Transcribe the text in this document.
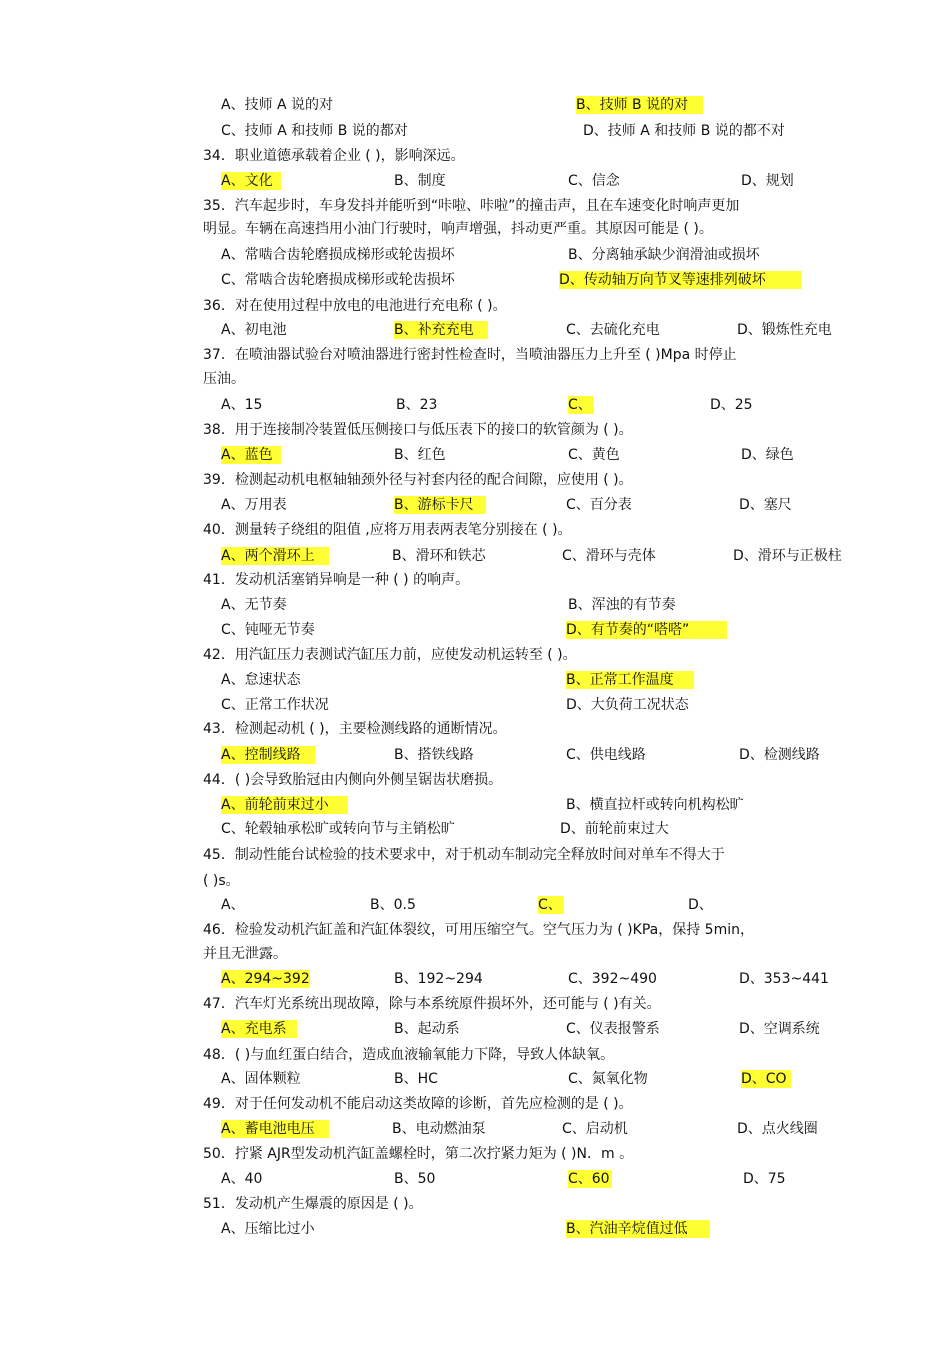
A、技师 A 说的对	B、技师 B 说的对
C、技师 A 和技师 B 说的都对	D、技师 A 和技师 B 说的都不对
34．职业道德承载着企业 ( )，影响深远。
A、文化	B、制度	C、信念	D、规划
35．汽车起步时，车身发抖并能听到“咔啦、咔啦”的撞击声，且在车速变化时响声更加
明显。车辆在高速挡用小油门行驶时，响声增强，抖动更严重。其原因可能是 ( )。
A、常啮合齿轮磨损成梯形或轮齿损坏	B、分离轴承缺少润滑油或损坏
C、常啮合齿轮磨损成梯形或轮齿损坏	D、传动轴万向节叉等速排列破坏
36．对在使用过程中放电的电池进行充电称 ( )。
A、初电池	B、补充充电	C、去硫化充电	D、锻炼性充电
37．在喷油器试验台对喷油器进行密封性检查时，当喷油器压力上升至 ( )Mpa 时停止
压油。
A、15	B、23	C、	D、25
38．用于连接制冷装置低压侧接口与低压表下的接口的软管颜为 ( )。
A、蓝色	B、红色	C、黄色	D、绿色
39．检测起动机电枢轴轴颈外径与衬套内径的配合间隙，应使用 ( )。
A、万用表	B、游标卡尺	C、百分表	D、塞尺
40．测量转子绕组的阻值 ,应将万用表两表笔分别接在 ( )。
A、两个滑环上	B、滑环和铁芯	C、滑环与壳体	D、滑环与正极柱
41．发动机活塞销异响是一种 ( ) 的响声。
A、无节奏	B、浑浊的有节奏
C、钝哑无节奏	D、有节奏的“嗒嗒”
42．用汽缸压力表测试汽缸压力前，应使发动机运转至 ( )。
A、怠速状态	B、正常工作温度
C、正常工作状况	D、大负荷工况状态
43．检测起动机 ( )，主要检测线路的通断情况。
A、控制线路	B、搭铁线路	C、供电线路	D、检测线路
44．( )会导致胎冠由内侧向外侧呈锯齿状磨损。
A、前轮前束过小	B、横直拉杆或转向机构松旷
C、轮毂轴承松旷或转向节与主销松旷	D、前轮前束过大
45．制动性能台试检验的技术要求中，对于机动车制动完全释放时间对单车不得大于
( )s。
A、	B、0.5	C、	D、
46．检验发动机汽缸盖和汽缸体裂纹，可用压缩空气。空气压力为 ( )KPa，保持 5min，
并且无泄露。
A、294~392	B、192~294	C、392~490	D、353~441
47．汽车灯光系统出现故障，除与本系统原件损坏外，还可能与 ( )有关。
A、充电系	B、起动系	C、仪表报警系	D、空调系统
48．( )与血红蛋白结合，造成血液输氧能力下降，导致人体缺氧。
A、固体颗粒	B、HC	C、氮氧化物	D、CO
49．对于任何发动机不能启动这类故障的诊断，首先应检测的是 ( )。
A、蓄电池电压	B、电动燃油泵	C、启动机	D、点火线圈
50．拧紧 AJR型发动机汽缸盖螺栓时，第二次拧紧力矩为 ( )N．m 。
A、40	B、50	C、60	D、75
51．发动机产生爆震的原因是 ( )。
A、压缩比过小	B、汽油辛烷值过低
